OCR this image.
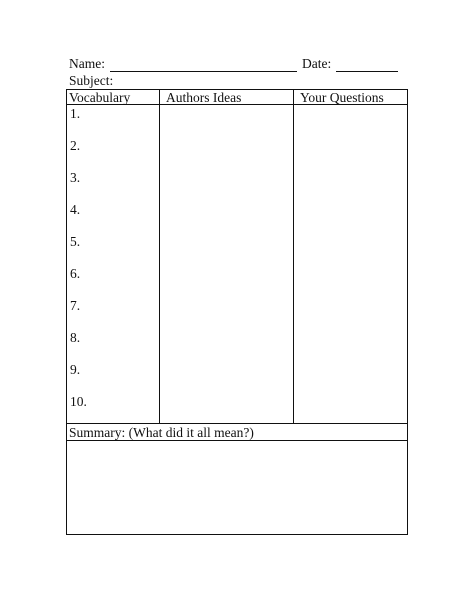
Name:	Date:
Subject:
Vocabulary	Authors Ideas	Your Questions
1.
2.
3.
4.
5.
6.
7.
8.
9.
10.
Summary: (What did it all mean?)
